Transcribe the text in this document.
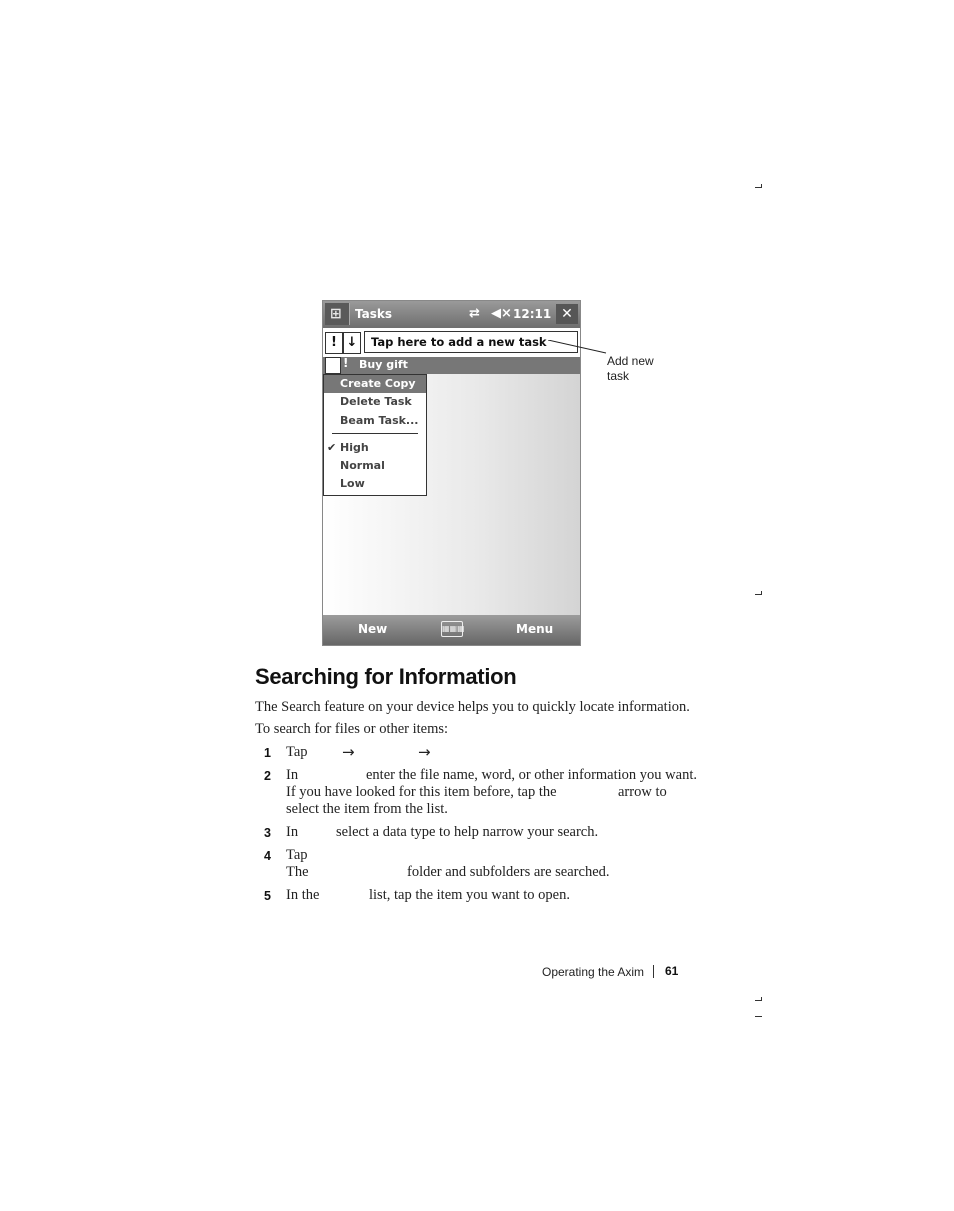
⊞ Tasks	⇄ ◀× 12:11 ✕
! ↓	Tap here to add a new task
! Buy gift
Create Copy
Delete Task
Beam Task...
✔ High
Normal
Low
New	▦▦▦	Menu
Add new
task
Searching for Information
The Search feature on your device helps you to quickly locate information.
To search for files or other items:
1 Tap →	→
2 In	enter the file name, word, or other information you want.
If you have looked for this item before, tap the	arrow to
select the item from the list.
3 In	select a data type to help narrow your search.
4 Tap
The	folder and subfolders are searched.
5 In the	list, tap the item you want to open.
Operating the Axim 61
